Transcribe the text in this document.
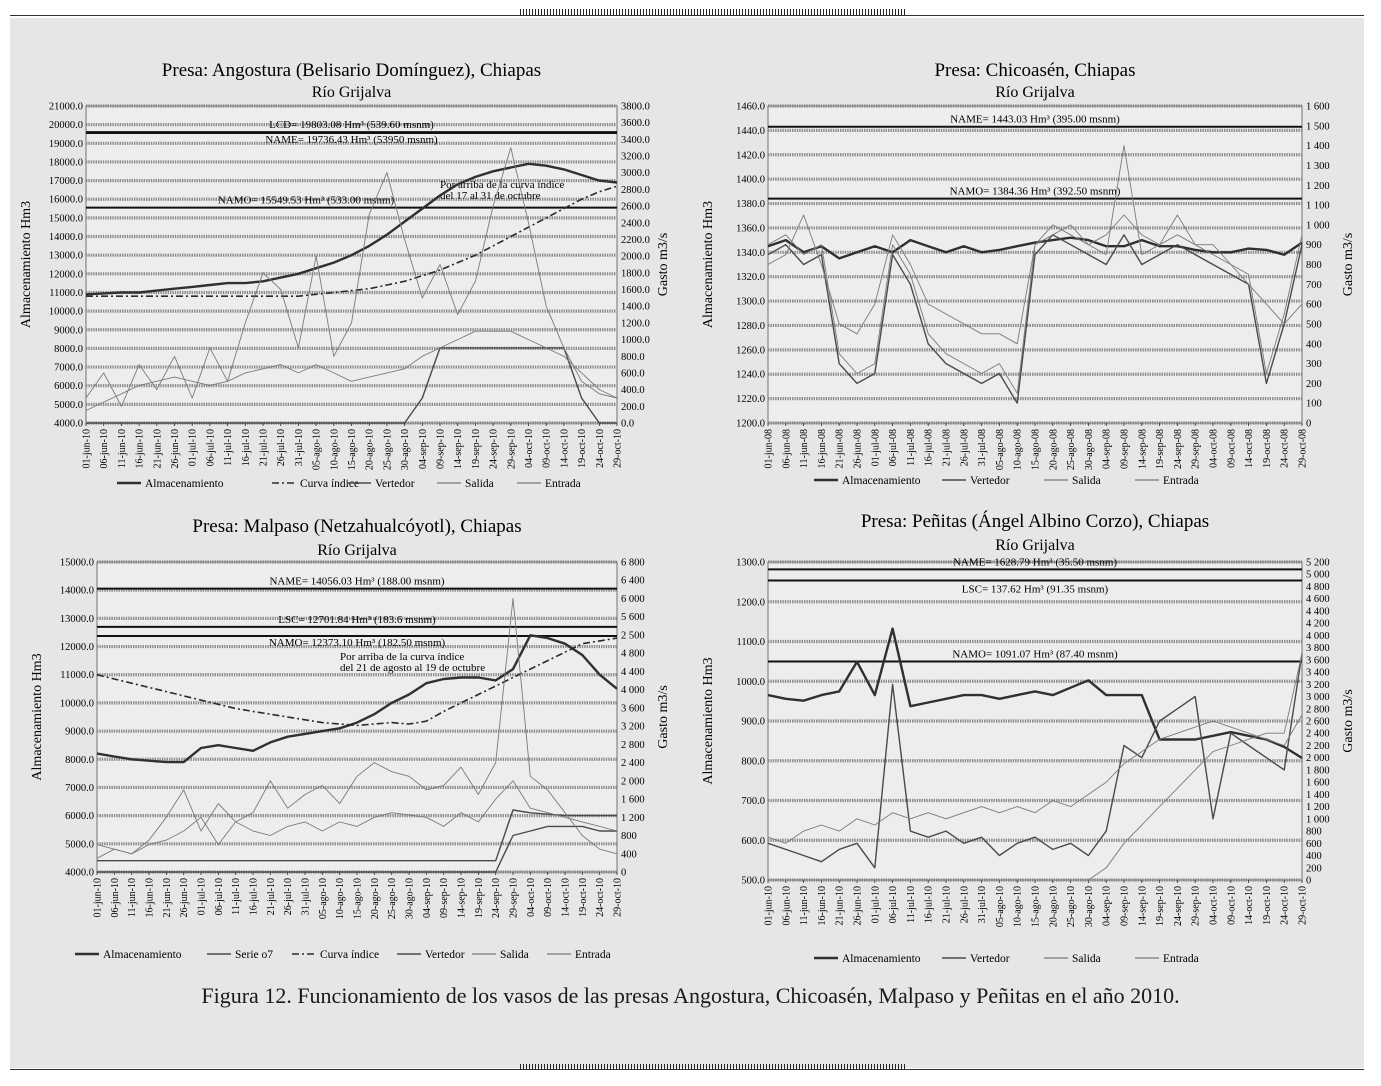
4000.0
5000.0
6000.0
7000.0
8000.0
9000.0
10000.0
11000.0
12000.0
13000.0
14000.0
15000.0
16000.0
17000.0
18000.0
19000.0
20000.0
21000.0
0.0
200.0
400.0
600.0
800.0
1000.0
1200.0
1400.0
1600.0
1800.0
2000.0
2200.0
2400.0
2600.0
2800.0
3000.0
3200.0
3400.0
3600.0
3800.0
01-jun-10 06-jun-10 11-jun-10 16-jun-10 21-jun-10 26-jun-10 01-jul-10 06-jul-10 11-jul-10 16-jul-10 21-jul-10 26-jul-10 31-jul-10 05-ago-10 10-ago-10 15-ago-10 20-ago-10 25-ago-10 30-ago-10 04-sep-10 09-sep-10 14-sep-10 19-sep-10 24-sep-10 29-sep-10 04-oct-10 09-oct-10 14-oct-10 19-oct-10 24-oct-10 29-oct-10
LCD= 19803.08 Hm³ (539.60 msnm)
NAME= 19736.43 Hm³ (53950 msnm)
NAMO= 15549.53 Hm³ (533.00 msnm)
Por arriba de la curva índice
del 17 al 31 de octubre
Presa: Angostura (Belisario Domínguez), Chiapas
Río Grijalva
Almacenamiento Hm3	Gasto m3/s
Almacenamiento	Curva índice Vertedor	Salida	Entrada
1200.0
1220.0
1240.0
1260.0
1280.0
1300.0
1320.0
1340.0
1360.0
1380.0
1400.0
1420.0
1440.0
1460.0
0
100
200
300
400
500
600
700
800
900
1 000
1 100
1 200
1 300
1 400
1 500
1 600
01-jun-08 06-jun-08 11-jun-08 16-jun-08 21-jun-08 26-jun-08 01-jul-08 06-jul-08 11-jul-08 16-jul-08 21-jul-08 26-jul-08 31-jul-08 05-ago-08 10-ago-08 15-ago-08 20-ago-08 25-ago-08 30-ago-08 04-sep-08 09-sep-08 14-sep-08 19-sep-08 24-sep-08 29-sep-08 04-oct-08 09-oct-08 14-oct-08 19-oct-08 24-oct-08 29-oct-08
NAME= 1443.03 Hm³ (395.00 msnm)
NAMO= 1384.36 Hm³ (392.50 msnm)
Presa: Chicoasén, Chiapas
Río Grijalva
Almacenamiento Hm3	Gasto m3/s
Almacenamiento	Vertedor	Salida	Entrada
4000.0
5000.0
6000.0
7000.0
8000.0
9000.0
10000.0
11000.0
12000.0
13000.0
14000.0
15000.0
0
400
800
1 200
1 600
2 000
2 400
2 800
3 200
3 600
4 000
4 400
4 800
2 500
5 600
6 000
6 400
6 800
01-jun-10 06-jun-10 11-jun-10 16-jun-10 21-jun-10 26-jun-10 01-jul-10 06-jul-10 11-jul-10 16-jul-10 21-jul-10 26-jul-10 31-jul-10 05-ago-10 10-ago-10 15-ago-10 20-ago-10 25-ago-10 30-ago-10 04-sep-10 09-sep-10 14-sep-10 19-sep-10 24-sep-10 29-sep-10 04-oct-10 09-oct-10 14-oct-10 19-oct-10 24-oct-10 29-oct-10
NAME= 14056.03 Hm³ (188.00 msnm)
LSC= 12701.84 Hm³ (183.6 msnm)
NAMO= 12373.10 Hm³ (182.50 msnm)
Por arriba de la curva índice
del 21 de agosto al 19 de octubre
Presa: Malpaso (Netzahualcóyotl), Chiapas
Río Grijalva
Almacenamiento Hm3	Gasto m3/s
Almacenamiento	Serie o7	Curva índice	Vertedor	Salida	Entrada
500.0
600.0
700.0
800.0
900.0
1000.0
1100.0
1200.0
1300.0
0
200
400
600
800
1 000
1 200
1 400
1 600
1 800
2 000
2 200
2 400
2 600
2 800
3 000
3 200
3 400
3 600
3 800
4 000
4 200
4 400
4 600
4 800
5 000
5 200
01-jun-10 06-jun-10 11-jun-10 16-jun-10 21-jun-10 26-jun-10 01-jul-10 06-jul-10 11-jul-10 16-jul-10 21-jul-10 26-jul-10 31-jul-10 05-ago-10 10-ago-10 15-ago-10 20-ago-10 25-ago-10 30-ago-10 04-sep-10 09-sep-10 14-sep-10 19-sep-10 24-sep-10 29-sep-10 04-oct-10 09-oct-10 14-oct-10 19-oct-10 24-oct-10 29-oct-10
NAME= 1628.79 Hm³ (35.50 msnm)
LSC= 137.62 Hm³ (91.35 msnm)
NAMO= 1091.07 Hm³ (87.40 msnm)
Presa: Peñitas (Ángel Albino Corzo), Chiapas
Río Grijalva
Almacenamiento Hm3	Gasto m3/s
Almacenamiento	Vertedor	Salida	Entrada
Figura 12. Funcionamiento de los vasos de las presas Angostura, Chicoasén, Malpaso y Peñitas en el año 2010.
